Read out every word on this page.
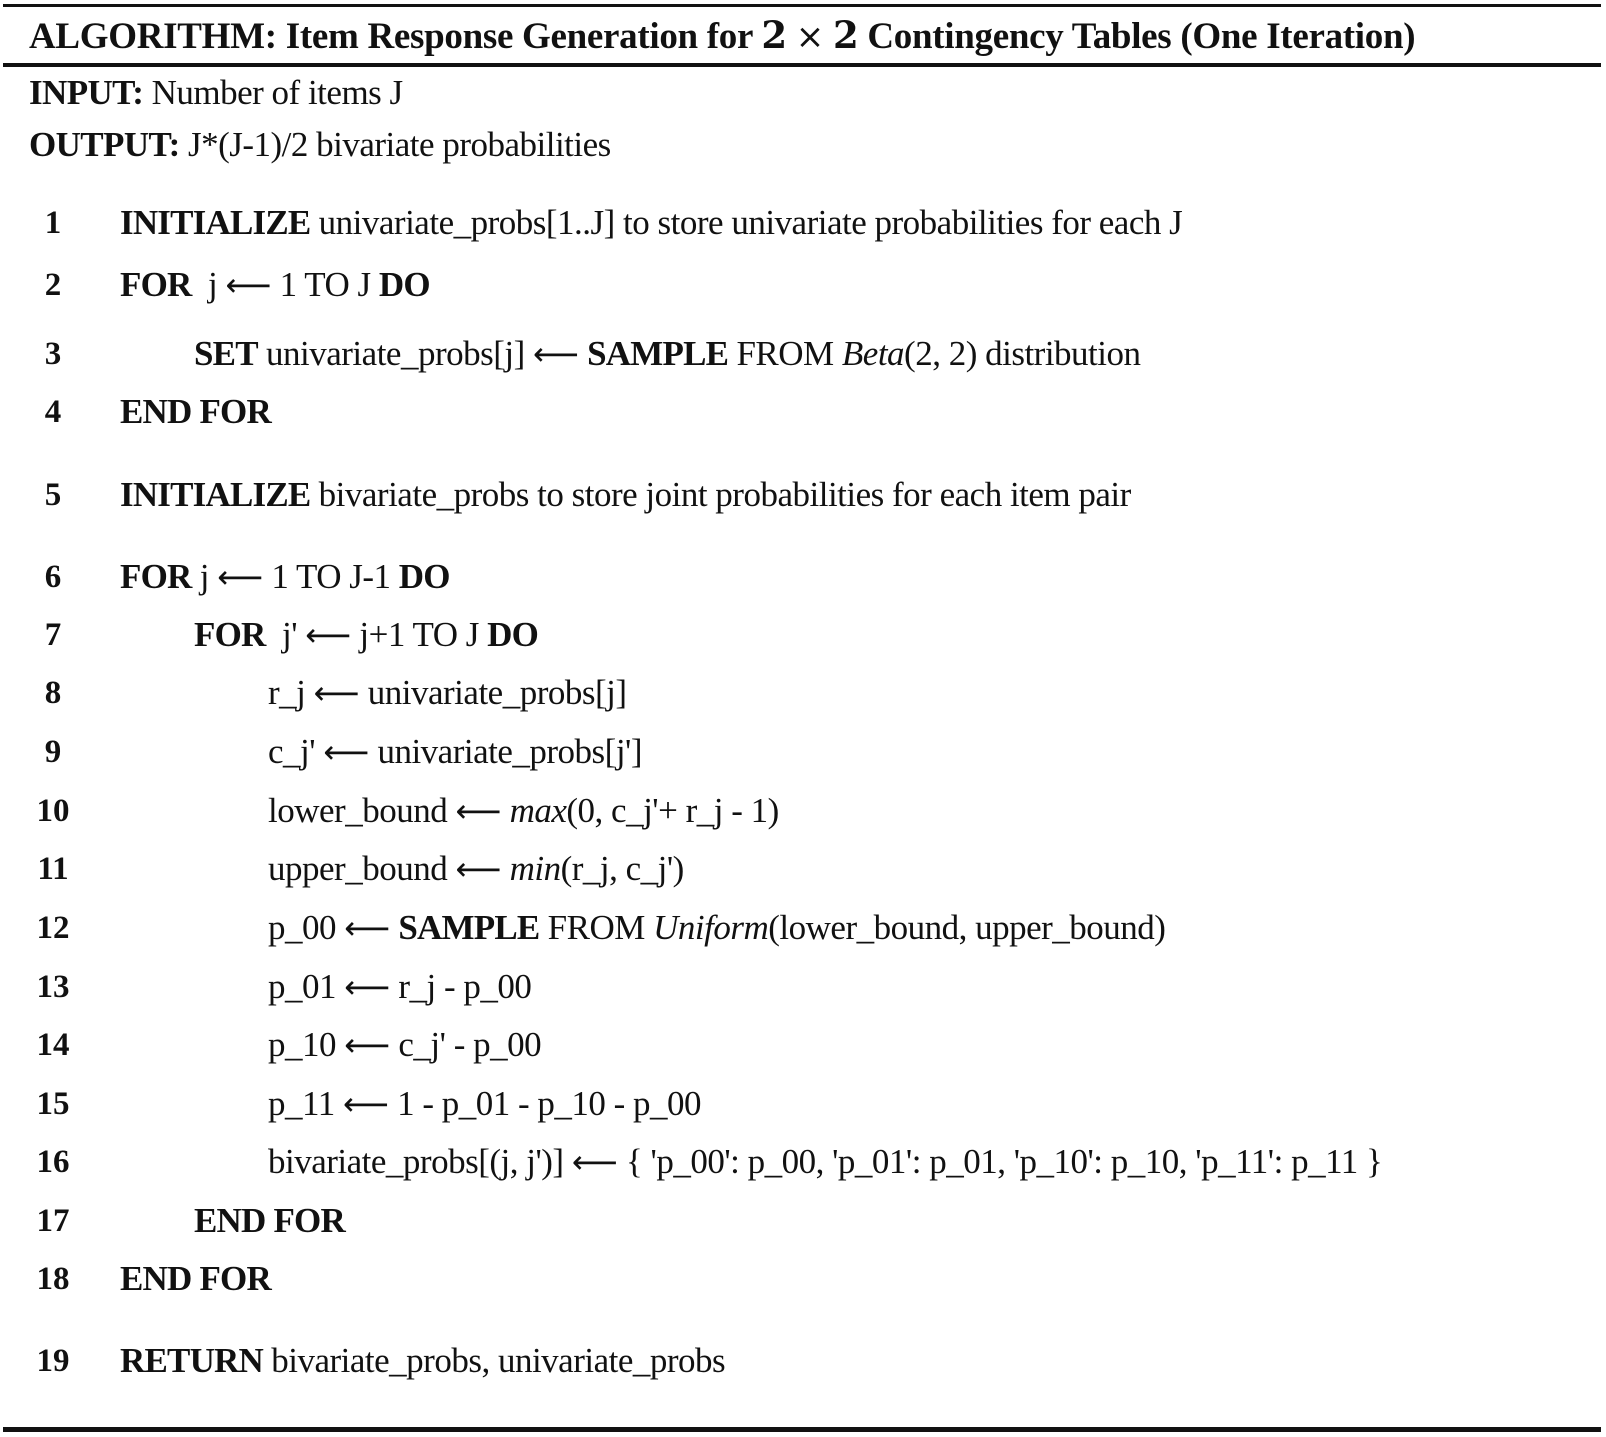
ALGORITHM: Item Response Generation for 2 × 2 Contingency Tables (One Iteration)
INPUT: Number of items J
OUTPUT: J*(J-1)/2 bivariate probabilities
1	INITIALIZE univariate_probs[1..J] to store univariate probabilities for each J
2	FOR  j ⟵ 1 TO J DO
3	SET univariate_probs[j] ⟵ SAMPLE FROM Beta(2, 2) distribution
4	END FOR
5	INITIALIZE bivariate_probs to store joint probabilities for each item pair
6	FOR j ⟵ 1 TO J-1 DO
7	FOR  j' ⟵ j+1 TO J DO
8	r_j ⟵ univariate_probs[j]
9	c_j' ⟵ univariate_probs[j']
10	lower_bound ⟵ max(0, c_j'+ r_j - 1)
11	upper_bound ⟵ min(r_j, c_j')
12	p_00 ⟵ SAMPLE FROM Uniform(lower_bound, upper_bound)
13	p_01 ⟵ r_j - p_00
14	p_10 ⟵ c_j' - p_00
15	p_11 ⟵ 1 - p_01 - p_10 - p_00
16	bivariate_probs[(j, j')] ⟵ { 'p_00': p_00, 'p_01': p_01, 'p_10': p_10, 'p_11': p_11 }
17	END FOR
18 END FOR
19 RETURN bivariate_probs, univariate_probs
